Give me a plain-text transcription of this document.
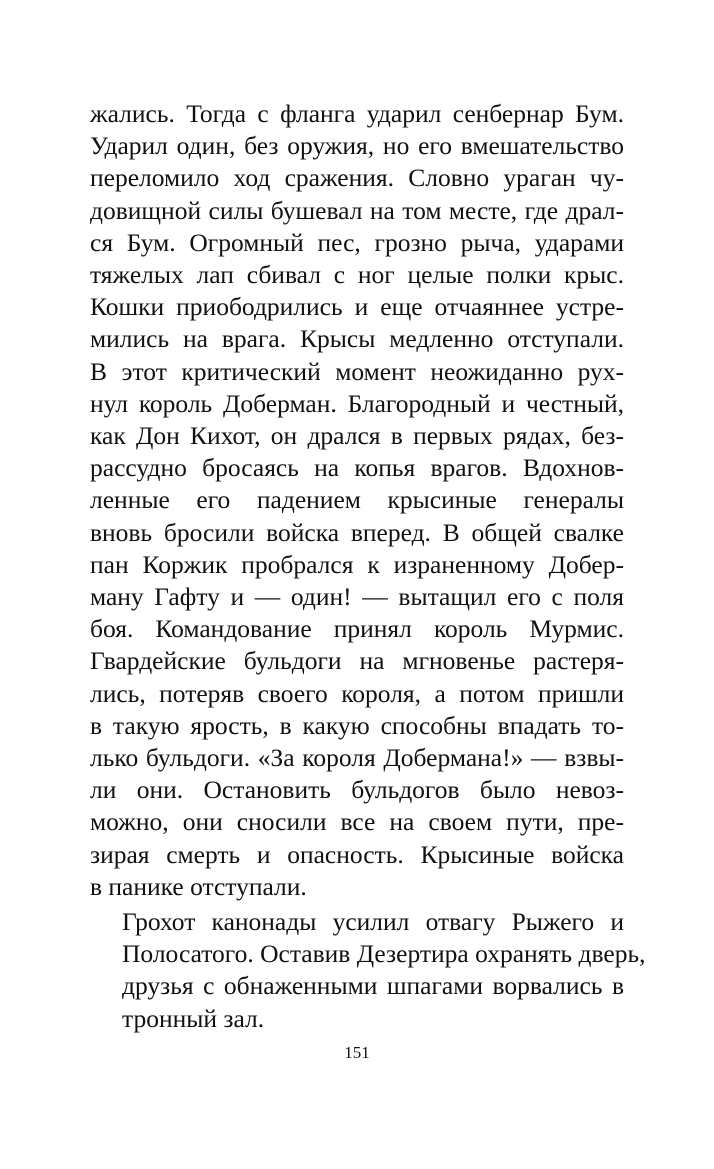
жались. Тогда с фланга ударил сенбернар Бум.
Ударил один, без оружия, но его вмешательство
переломило ход сражения. Словно ураган чу-
довищной силы бушевал на том месте, где драл-
ся Бум. Огромный пес, грозно рыча, ударами
тяжелых лап сбивал с ног целые полки крыс.
Кошки приободрились и еще отчаяннее устре-
мились на врага. Крысы медленно отступали.
В этот критический момент неожиданно рух-
нул король Доберман. Благородный и честный,
как Дон Кихот, он дрался в первых рядах, без-
рассудно бросаясь на копья врагов. Вдохнов-
ленные его падением крысиные генералы
вновь бросили войска вперед. В общей свалке
пан Коржик пробрался к израненному Добер-
ману Гафту и — один! — вытащил его с поля
боя. Командование принял король Мурмис.
Гвардейские бульдоги на мгновенье растеря-
лись, потеряв своего короля, а потом пришли
в такую ярость, в какую способны впадать то-
лько бульдоги. «За короля Добермана!» — взвы-
ли они. Остановить бульдогов было невоз-
можно, они сносили все на своем пути, пре-
зирая смерть и опасность. Крысиные войска
в панике отступали.

Грохот канонады усилил отвагу Рыжего и
Полосатого. Оставив Дезертира охранять дверь,
друзья с обнаженными шпагами ворвались в
тронный зал.

151
